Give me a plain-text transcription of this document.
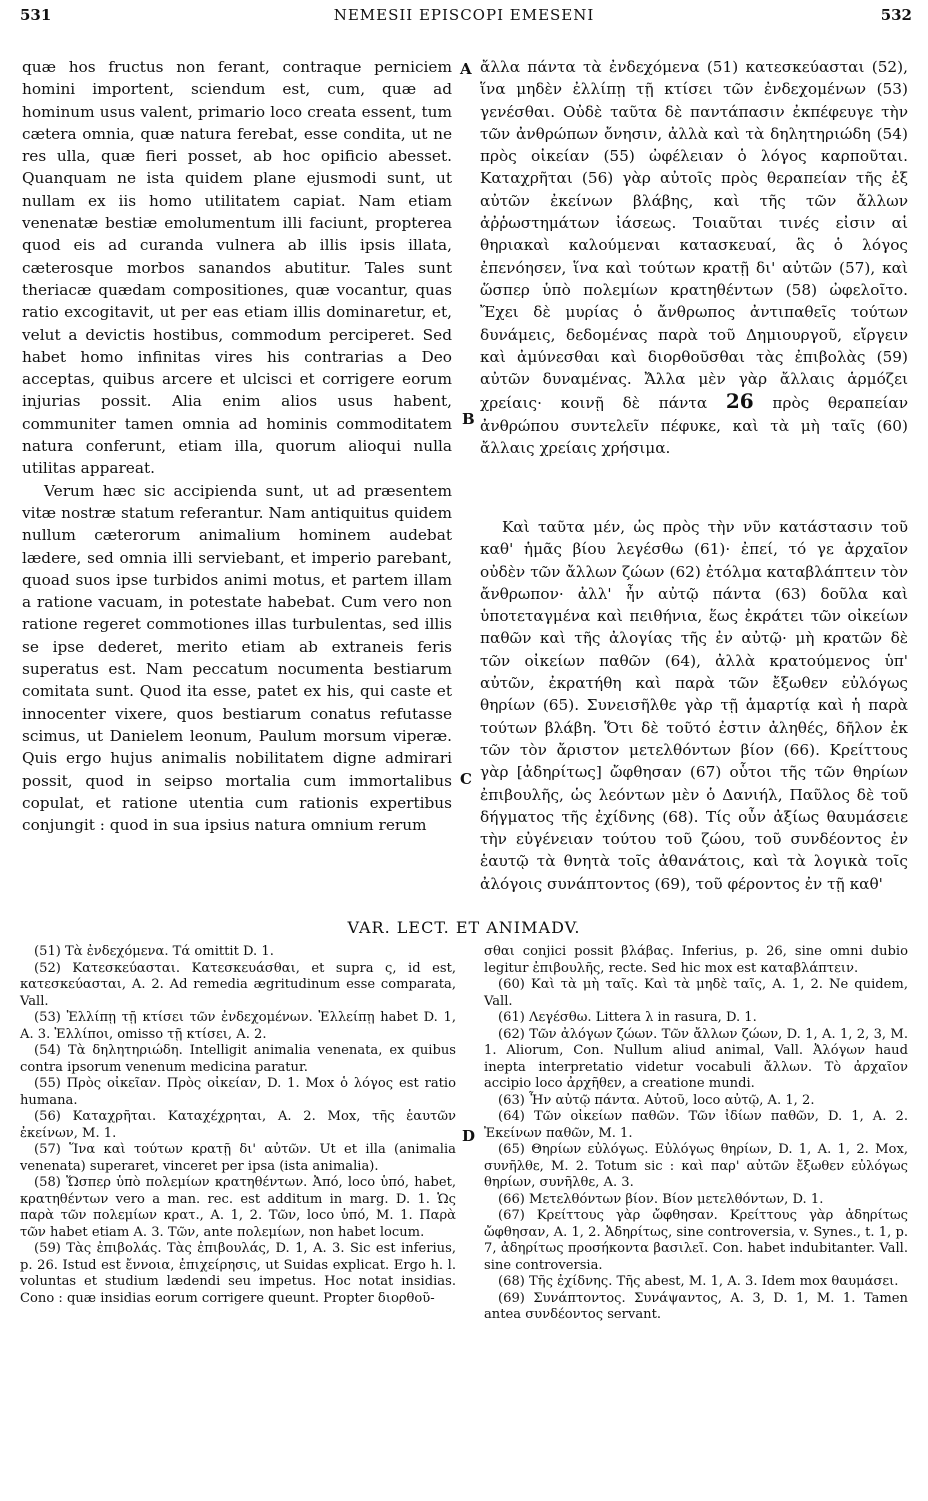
531	NEMESII EPISCOPI EMESENI	532
A
B
C
D

quæ hos fructus non ferant, contraque perniciem homini importent, sciendum est, cum, quæ ad hominum usus valent, primario loco creata essent, tum cætera omnia, quæ natura ferebat, esse condita, ut ne res ulla, quæ fieri posset, ab hoc opificio abesset. Quanquam ne ista quidem plane ejusmodi sunt, ut nullam ex iis homo utilitatem capiat. Nam etiam venenatæ bestiæ emolumentum illi faciunt, propterea quod eis ad curanda vulnera ab illis ipsis illata, cæterosque morbos sanandos abutitur. Tales sunt theriacæ quædam compositiones, quæ vocantur, quas ratio excogitavit, ut per eas etiam illis dominaretur, et, velut a devictis hostibus, commodum perciperet. Sed habet homo infinitas vires his contrarias a Deo acceptas, quibus arcere et ulcisci et corrigere eorum injurias possit. Alia enim alios usus habent, communiter tamen omnia ad hominis commoditatem natura conferunt, etiam illa, quorum alioqui nulla utilitas appareat.

Verum hæc sic accipienda sunt, ut ad præsentem vitæ nostræ statum referantur. Nam antiquitus quidem nullum cæterorum animalium hominem audebat lædere, sed omnia illi serviebant, et imperio parebant, quoad suos ipse turbidos animi motus, et partem illam a ratione vacuam, in potestate habebat. Cum vero non ratione regeret commotiones illas turbulentas, sed illis se ipse dederet, merito etiam ab extraneis feris superatus est. Nam peccatum nocumenta bestiarum comitata sunt. Quod ita esse, patet ex his, qui caste et innocenter vixere, quos bestiarum conatus refutasse scimus, ut Danielem leonum, Paulum morsum viperæ. Quis ergo hujus animalis nobilitatem digne admirari possit, quod in seipso mortalia cum immortalibus copulat, et ratione utentia cum rationis expertibus conjungit : quod in sua ipsius natura omnium rerum

ἄλλα πάντα τὰ ἐνδεχόμενα (51) κατεσκεύασται (52), ἵνα μηδὲν ἐλλίπῃ τῇ κτίσει τῶν ἐνδεχομένων (53) γενέσθαι. Οὐδὲ ταῦτα δὲ παντάπασιν ἐκπέφευγε τὴν τῶν ἀνθρώπων ὄνησιν, ἀλλὰ καὶ τὰ δηλητηριώδη (54) πρὸς οἰκείαν (55) ὠφέλειαν ὁ λόγος καρποῦται. Καταχρῆται (56) γὰρ αὐτοῖς πρὸς θεραπείαν τῆς ἐξ αὐτῶν ἐκείνων βλάβης, καὶ τῆς τῶν ἄλλων ἀῤῥωστημάτων ἰάσεως. Τοιαῦται τινές εἰσιν αἱ θηριακαὶ καλούμεναι κατασκευαί, ἃς ὁ λόγος ἐπενόησεν, ἵνα καὶ τούτων κρατῇ δι' αὐτῶν (57), καὶ ὥσπερ ὑπὸ πολεμίων κρατηθέντων (58) ὠφελοῖτο. Ἔχει δὲ μυρίας ὁ ἄνθρωπος ἀντιπαθεῖς τούτων δυνάμεις, δεδομένας παρὰ τοῦ Δημιουργοῦ, εἴργειν καὶ ἀμύνεσθαι καὶ διορθοῦσθαι τὰς ἐπιβολὰς (59) αὐτῶν δυναμένας. Ἄλλα μὲν γὰρ ἄλλαις ἁρμόζει χρείαις· κοινῇ δὲ πάντα 26 πρὸς θεραπείαν ἀνθρώπου συντελεῖν πέφυκε, καὶ τὰ μὴ ταῖς (60) ἄλλαις χρείαις χρήσιμα.

Καὶ ταῦτα μέν, ὡς πρὸς τὴν νῦν κατάστασιν τοῦ καθ' ἡμᾶς βίου λεγέσθω (61)· ἐπεί, τό γε ἀρχαῖον οὐδὲν τῶν ἄλλων ζώων (62) ἐτόλμα καταβλάπτειν τὸν ἄνθρωπον· ἀλλ' ἦν αὐτῷ πάντα (63) δοῦλα καὶ ὑποτεταγμένα καὶ πειθήνια, ἕως ἐκράτει τῶν οἰκείων παθῶν καὶ τῆς ἀλογίας τῆς ἐν αὐτῷ· μὴ κρατῶν δὲ τῶν οἰκείων παθῶν (64), ἀλλὰ κρατούμενος ὑπ' αὐτῶν, ἐκρατήθη καὶ παρὰ τῶν ἔξωθεν εὐλόγως θηρίων (65). Συνεισῆλθε γὰρ τῇ ἁμαρτίᾳ καὶ ἡ παρὰ τούτων βλάβη. Ὅτι δὲ τοῦτό ἐστιν ἀληθές, δῆλον ἐκ τῶν τὸν ἄριστον μετελθόντων βίον (66). Κρείττους γὰρ [ἀδηρίτως] ὤφθησαν (67) οὗτοι τῆς τῶν θηρίων ἐπιβουλῆς, ὡς λεόντων μὲν ὁ Δανιήλ, Παῦλος δὲ τοῦ δήγματος τῆς ἐχίδνης (68). Τίς οὖν ἀξίως θαυμάσειε τὴν εὐγένειαν τούτου τοῦ ζώου, τοῦ συνδέοντος ἐν ἑαυτῷ τὰ θνητὰ τοῖς ἀθανάτοις, καὶ τὰ λογικὰ τοῖς ἀλόγοις συνάπτοντος (69), τοῦ φέροντος ἐν τῇ καθ'

VAR. LECT. ET ANIMADV.

(51) Τὰ ἐνδεχόμενα. Τά omittit D. 1.

(52) Κατεσκεύασται. Κατεσκευάσθαι, et supra ς, id est, κατεσκεύασται, A. 2. Ad remedia ægritudinum esse comparata, Vall.

(53) Ἐλλίπῃ τῇ κτίσει τῶν ἐνδεχομένων. Ἐλλείπῃ habet D. 1, A. 3. Ἐλλίποι, omisso τῇ κτίσει, A. 2.

(54) Τὰ δηλητηριώδη. Intelligit animalia venenata, ex quibus contra ipsorum venenum medicina paratur.

(55) Πρὸς οἰκεῖαν. Πρὸς οἰκείαν, D. 1. Mox ὁ λόγος est ratio humana.

(56) Καταχρῆται. Καταχέχρηται, A. 2. Mox, τῆς ἑαυτῶν ἐκείνων, M. 1.

(57) Ἵνα καὶ τούτων κρατῇ δι' αὐτῶν. Ut et illa (animalia venenata) superaret, vinceret per ipsa (ista animalia).

(58) Ὥσπερ ὑπὸ πολεμίων κρατηθέντων. Ἀπό, loco ὑπό, habet, κρατηθέντων vero a man. rec. est additum in marg. D. 1. Ὡς παρὰ τῶν πολεμίων κρατ., A. 1, 2. Τῶν, loco ὑπό, M. 1. Παρὰ τῶν habet etiam A. 3. Τῶν, ante πολεμίων, non habet locum.

(59) Τὰς ἐπιβολάς. Τὰς ἐπιβουλάς, D. 1, A. 3. Sic est inferius, p. 26. Istud est ἔννοια, ἐπιχείρησις, ut Suidas explicat. Ergo h. l. voluntas et studium lædendi seu impetus. Hoc notat insidias. Cono : quæ insidias eorum corrigere queunt. Propter διορθοῦ-

σθαι conjici possit βλάβας. Inferius, p. 26, sine omni dubio legitur ἐπιβουλῆς, recte. Sed hic mox est καταβλάπτειν.

(60) Καὶ τὰ μὴ ταῖς. Καὶ τὰ μηδὲ ταῖς, A. 1, 2. Ne quidem, Vall.

(61) Λεγέσθω. Littera λ in rasura, D. 1.

(62) Τῶν ἀλόγων ζώων. Τῶν ἄλλων ζώων, D. 1, A. 1, 2, 3, M. 1. Aliorum, Con. Nullum aliud animal, Vall. Ἀλόγων haud inepta interpretatio videtur vocabuli ἄλλων. Τὸ ἀρχαῖον accipio loco ἀρχῆθεν, a creatione mundi.

(63) Ἦν αὐτῷ πάντα. Αὐτοῦ, loco αὐτῷ, A. 1, 2.

(64) Τῶν οἰκείων παθῶν. Τῶν ἰδίων παθῶν, D. 1, A. 2. Ἐκείνων παθῶν, M. 1.

(65) Θηρίων εὐλόγως. Εὐλόγως θηρίων, D. 1, A. 1, 2. Mox, συνῆλθε, M. 2. Totum sic : καὶ παρ' αὐτῶν ἔξωθεν εὐλόγως θηρίων, συνῆλθε, A. 3.

(66) Μετελθόντων βίον. Βίον μετελθόντων, D. 1.

(67) Κρείττους γὰρ ὤφθησαν. Κρείττους γὰρ ἀδηρίτως ὤφθησαν, A. 1, 2. Ἀδηρίτως, sine controversia, v. Synes., t. 1, p. 7, ἀδηρίτως προσήκοντα βασιλεῖ. Con. habet indubitanter. Vall. sine controversia.

(68) Τῆς ἐχίδνης. Τῆς abest, M. 1, A. 3. Idem mox θαυμάσει.

(69) Συνάπτοντος. Συνάψαντος, A. 3, D. 1, M. 1. Tamen antea συνδέοντος servant.
